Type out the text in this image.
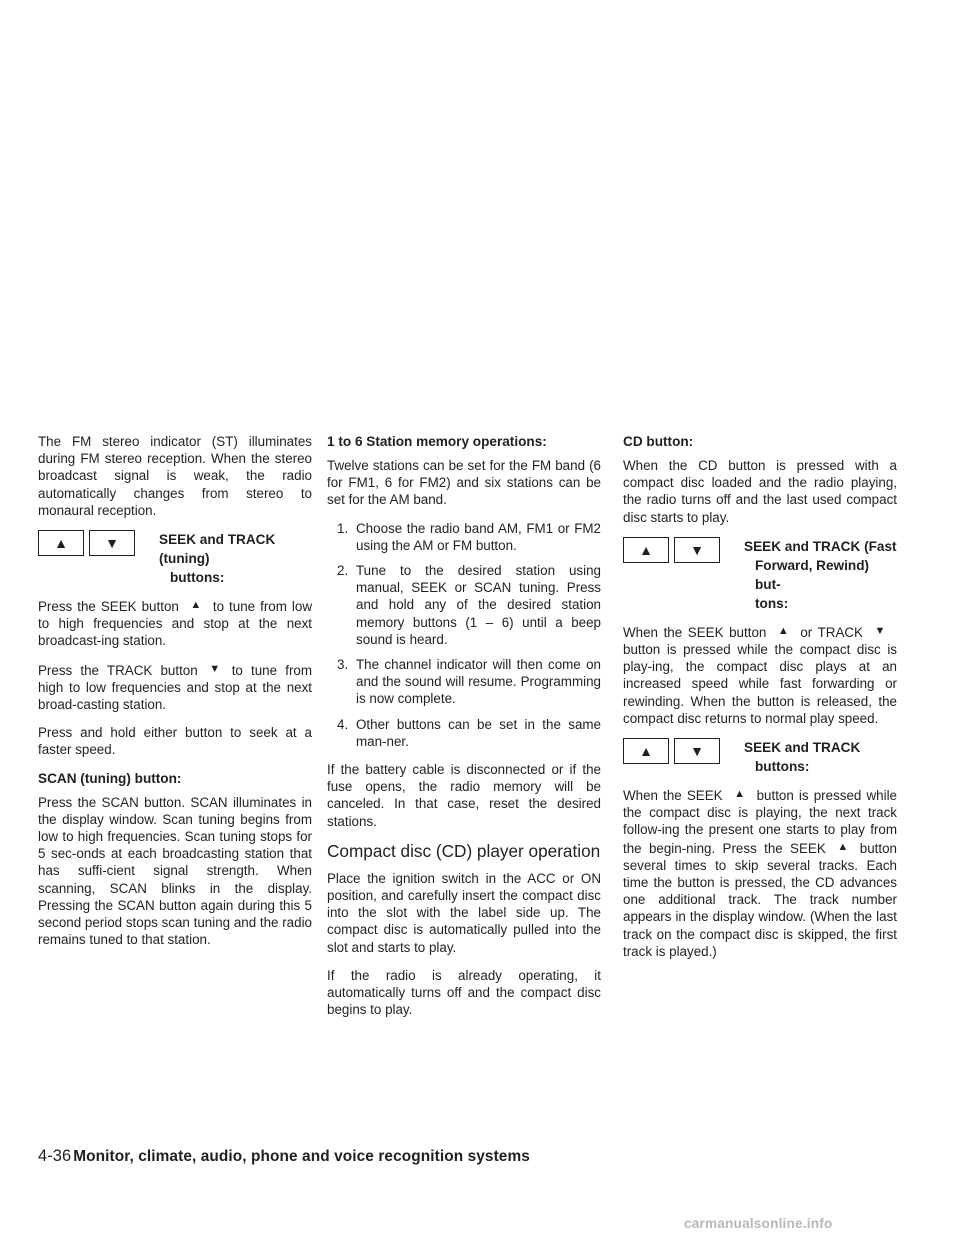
The FM stereo indicator (ST) illuminates during FM stereo reception. When the stereo broadcast signal is weak, the radio automatically changes from stereo to monaural reception.

▲	▼	SEEK and TRACK (tuning)
buttons:

Press the SEEK button ▲ to tune from low to high frequencies and stop at the next broadcast-ing station.

Press the TRACK button ▼ to tune from high to low frequencies and stop at the next broad-casting station.

Press and hold either button to seek at a faster speed.

SCAN (tuning) button:

Press the SCAN button. SCAN illuminates in the display window. Scan tuning begins from low to high frequencies. Scan tuning stops for 5 sec-onds at each broadcasting station that has suffi-cient signal strength. When scanning, SCAN blinks in the display. Pressing the SCAN button again during this 5 second period stops scan tuning and the radio remains tuned to that station.

1 to 6 Station memory operations:

Twelve stations can be set for the FM band (6 for FM1, 6 for FM2) and six stations can be set for the AM band.

1. Choose the radio band AM, FM1 or FM2 using the AM or FM button.
2. Tune to the desired station using manual, SEEK or SCAN tuning. Press and hold any of the desired station memory buttons (1 – 6) until a beep sound is heard.
3. The channel indicator will then come on and the sound will resume. Programming is now complete.
4. Other buttons can be set in the same man-ner.

If the battery cable is disconnected or if the fuse opens, the radio memory will be canceled. In that case, reset the desired stations.

Compact disc (CD) player operation

Place the ignition switch in the ACC or ON position, and carefully insert the compact disc into the slot with the label side up. The compact disc is automatically pulled into the slot and starts to play.

If the radio is already operating, it automatically turns off and the compact disc begins to play.

CD button:

When the CD button is pressed with a compact disc loaded and the radio playing, the radio turns off and the last used compact disc starts to play.

▲	▼	SEEK and TRACK (Fast
Forward, Rewind) but-
tons:

When the SEEK button ▲ or TRACK ▼button is pressed while the compact disc is play-ing, the compact disc plays at an increased speed while fast forwarding or rewinding. When the button is released, the compact disc returns to normal play speed.

▲	▼	SEEK and TRACK
buttons:

When the SEEK ▲ button is pressed while the compact disc is playing, the next track follow-ing the present one starts to play from the begin-ning. Press the SEEK ▲ button several times to skip several tracks. Each time the button is pressed, the CD advances one additional track. The track number appears in the display window. (When the last track on the compact disc is skipped, the first track is played.)

4-36 Monitor, climate, audio, phone and voice recognition systems
carmanualsonline.info
